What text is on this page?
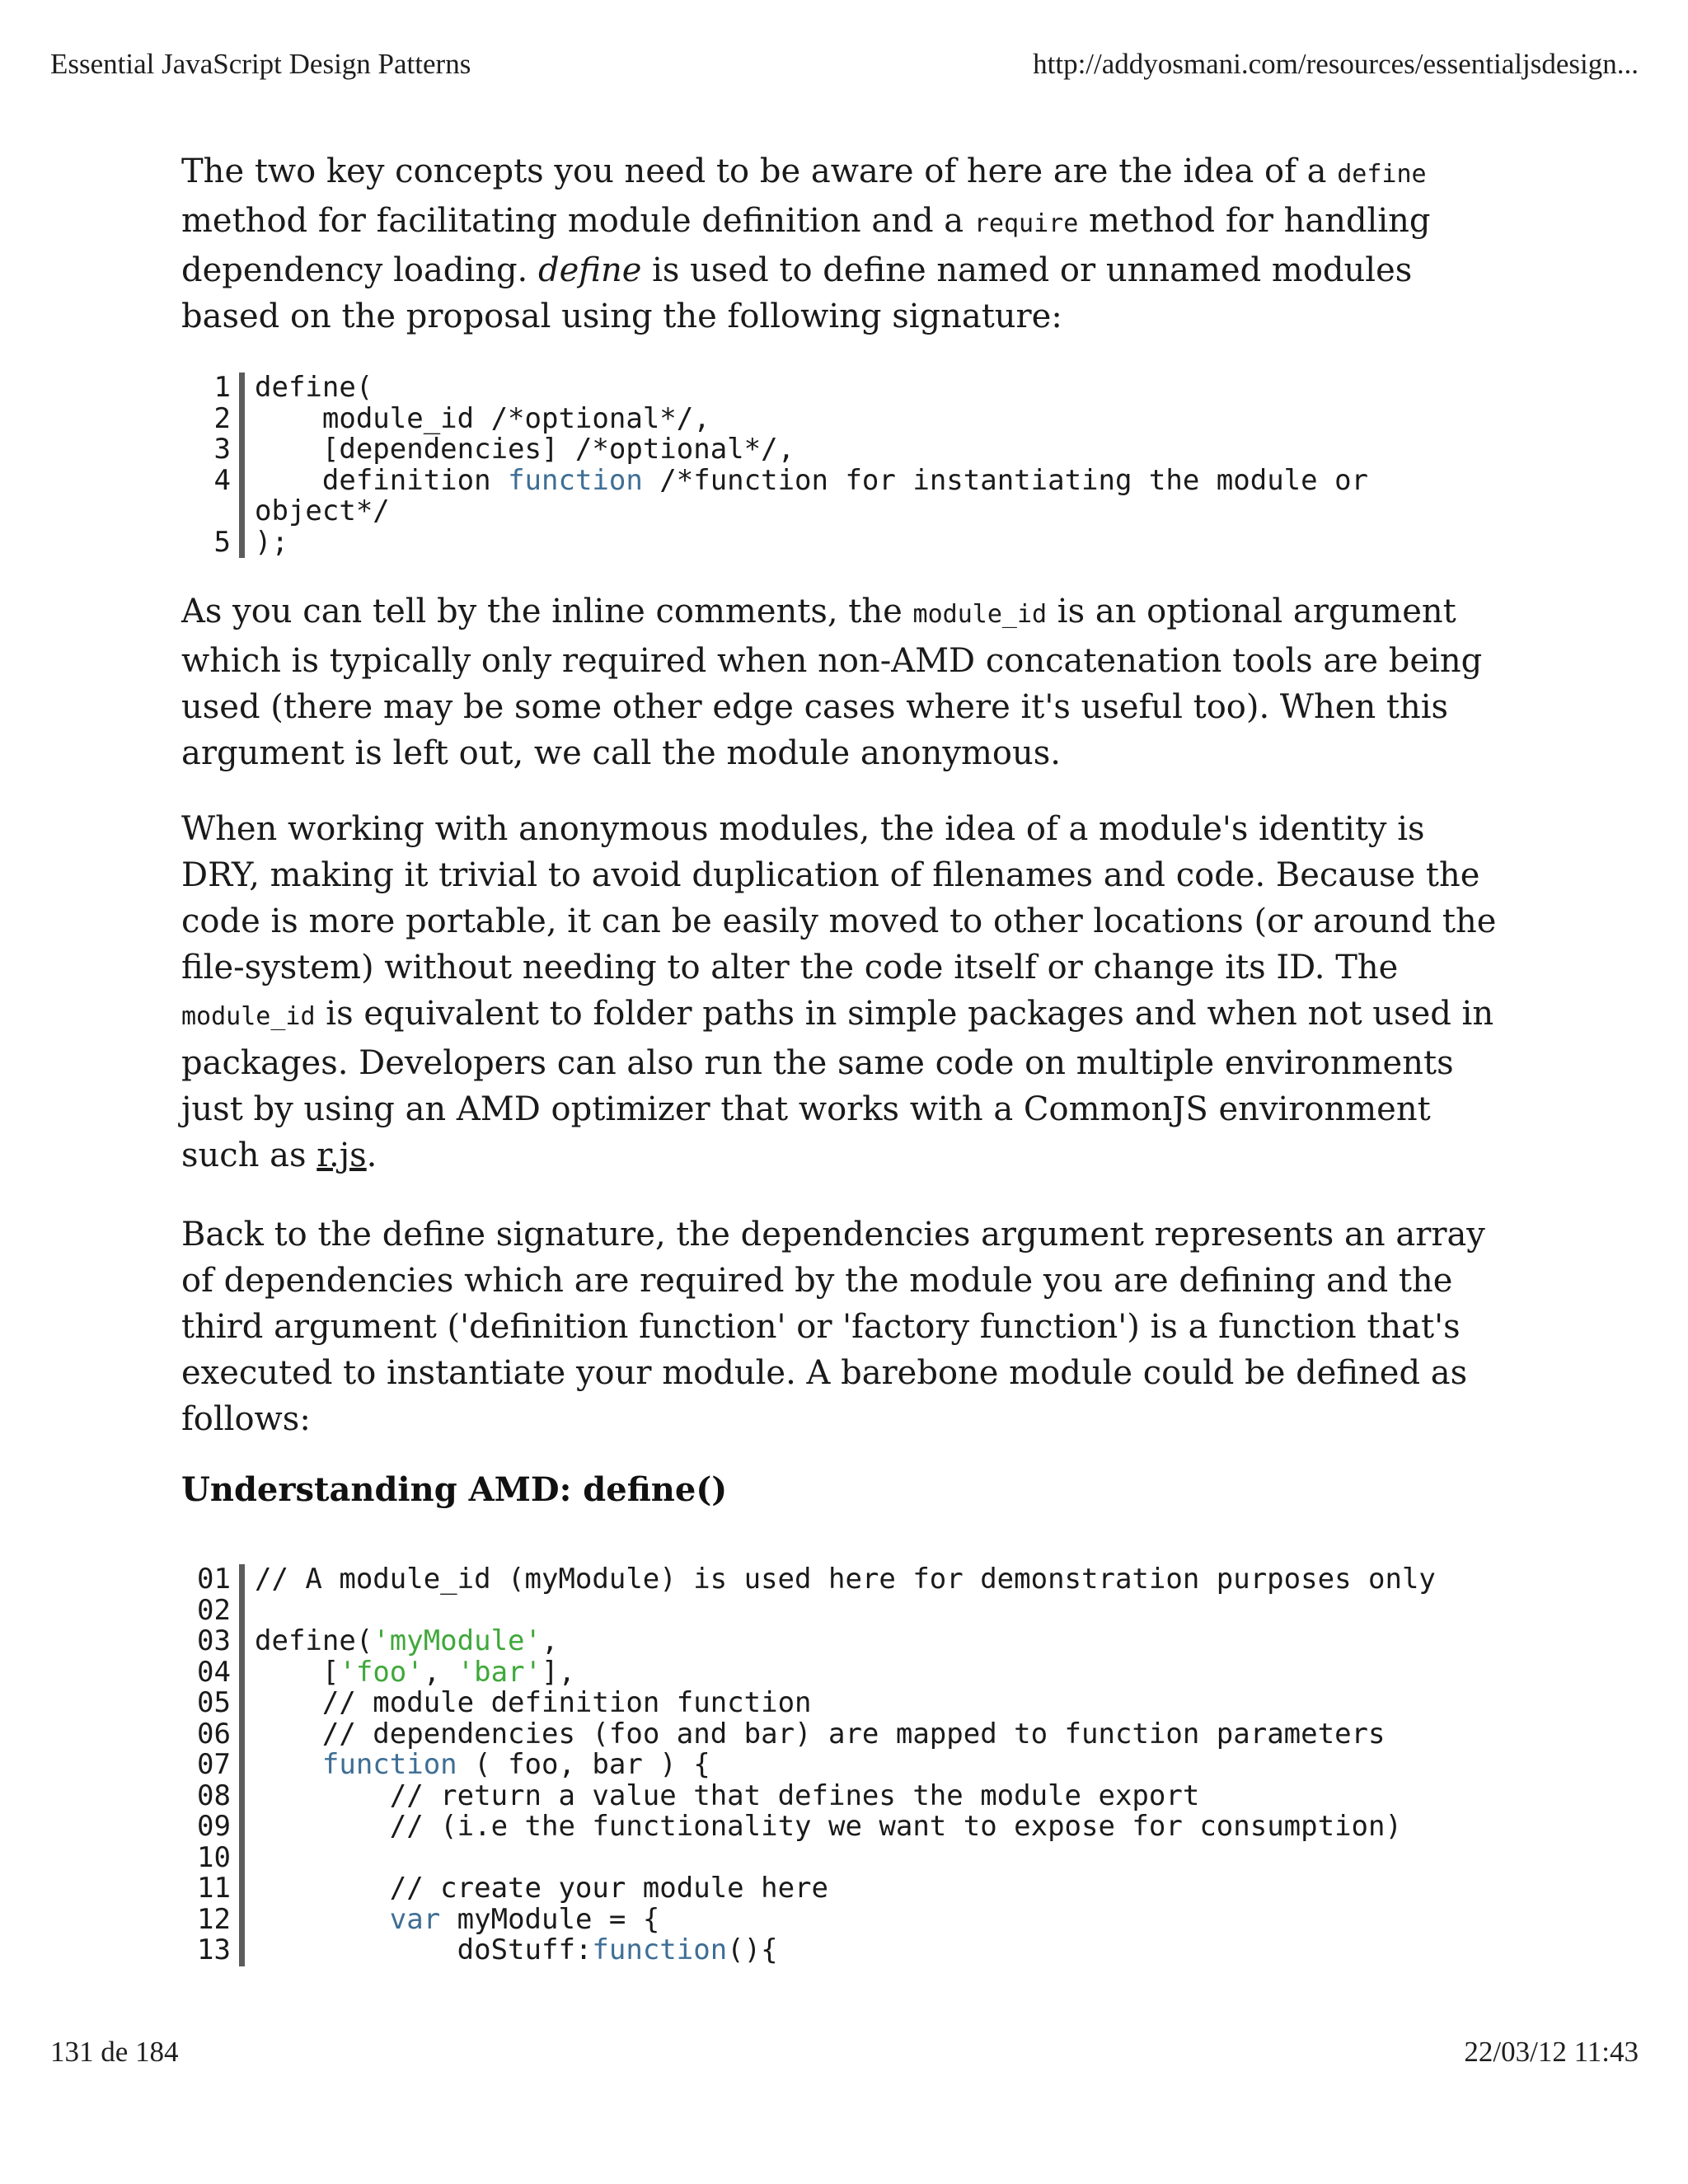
Essential JavaScript Design Patterns	http://addyosmani.com/resources/essentialjsdesign...
The two key concepts you need to be aware of here are the idea of a define method for facilitating module definition and a require method for handling dependency loading. define is used to define named or unnamed modules based on the proposal using the following signature:
1 define(
2 module_id /*optional*/,
3 [dependencies] /*optional*/,
4 definition function /*function for instantiating the module or object*/
5 );
As you can tell by the inline comments, the module_id is an optional argument which is typically only required when non-AMD concatenation tools are being used (there may be some other edge cases where it's useful too). When this argument is left out, we call the module anonymous.
When working with anonymous modules, the idea of a module's identity is DRY, making it trivial to avoid duplication of filenames and code. Because the code is more portable, it can be easily moved to other locations (or around the file-system) without needing to alter the code itself or change its ID. The module_id is equivalent to folder paths in simple packages and when not used in packages. Developers can also run the same code on multiple environments just by using an AMD optimizer that works with a CommonJS environment such as r.js.
Back to the define signature, the dependencies argument represents an array of dependencies which are required by the module you are defining and the third argument ('definition function' or 'factory function') is a function that's executed to instantiate your module. A barebone module could be defined as follows:
Understanding AMD: define()
01 // A module_id (myModule) is used here for demonstration purposes only
02
03 define('myModule',
04 ['foo', 'bar'],
05 // module definition function
06 // dependencies (foo and bar) are mapped to function parameters
07	function ( foo, bar ) {
08 // return a value that defines the module export
09 // (i.e the functionality we want to expose for consumption)
10
11 // create your module here
12	var myModule = {
13 doStuff:function(){
131 de 184	22/03/12 11:43
